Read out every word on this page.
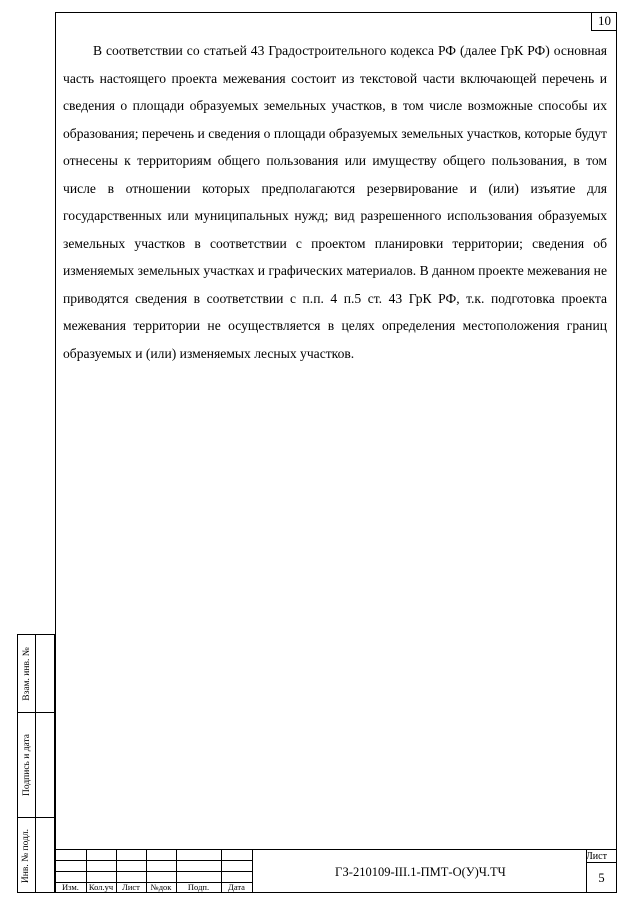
10

В соответствии со статьей 43 Градостроительного кодекса РФ (далее ГрК РФ) основная часть настоящего проекта межевания состоит из текстовой части включающей перечень и сведения о площади образуемых земельных участков, в том числе возможные способы их образования; перечень и сведения о площади образуемых земельных участков, которые будут отнесены к территориям общего пользования или имуществу общего пользования, в том числе в отношении которых предполагаются резервирование и (или) изъятие для государственных или муниципальных нужд; вид разрешенного использования образуемых земельных участков в соответствии с проектом планировки территории; сведения об изменяемых земельных участках и графических материалов. В данном проекте межевания не приводятся сведения в соответствии с п.п. 4 п.5 ст. 43 ГрК РФ, т.к. подготовка проекта межевания территории не осуществляется в целях определения местоположения границ образуемых и (или) изменяемых лесных участков.

Взам. инв. №
Подпись и дата
Инв. № подл.
Изм.	Кол.уч	Лист	№док	Подп.	Дата
ГЗ-210109-III.1-ПМТ-О(У)Ч.ТЧ
Лист
5
